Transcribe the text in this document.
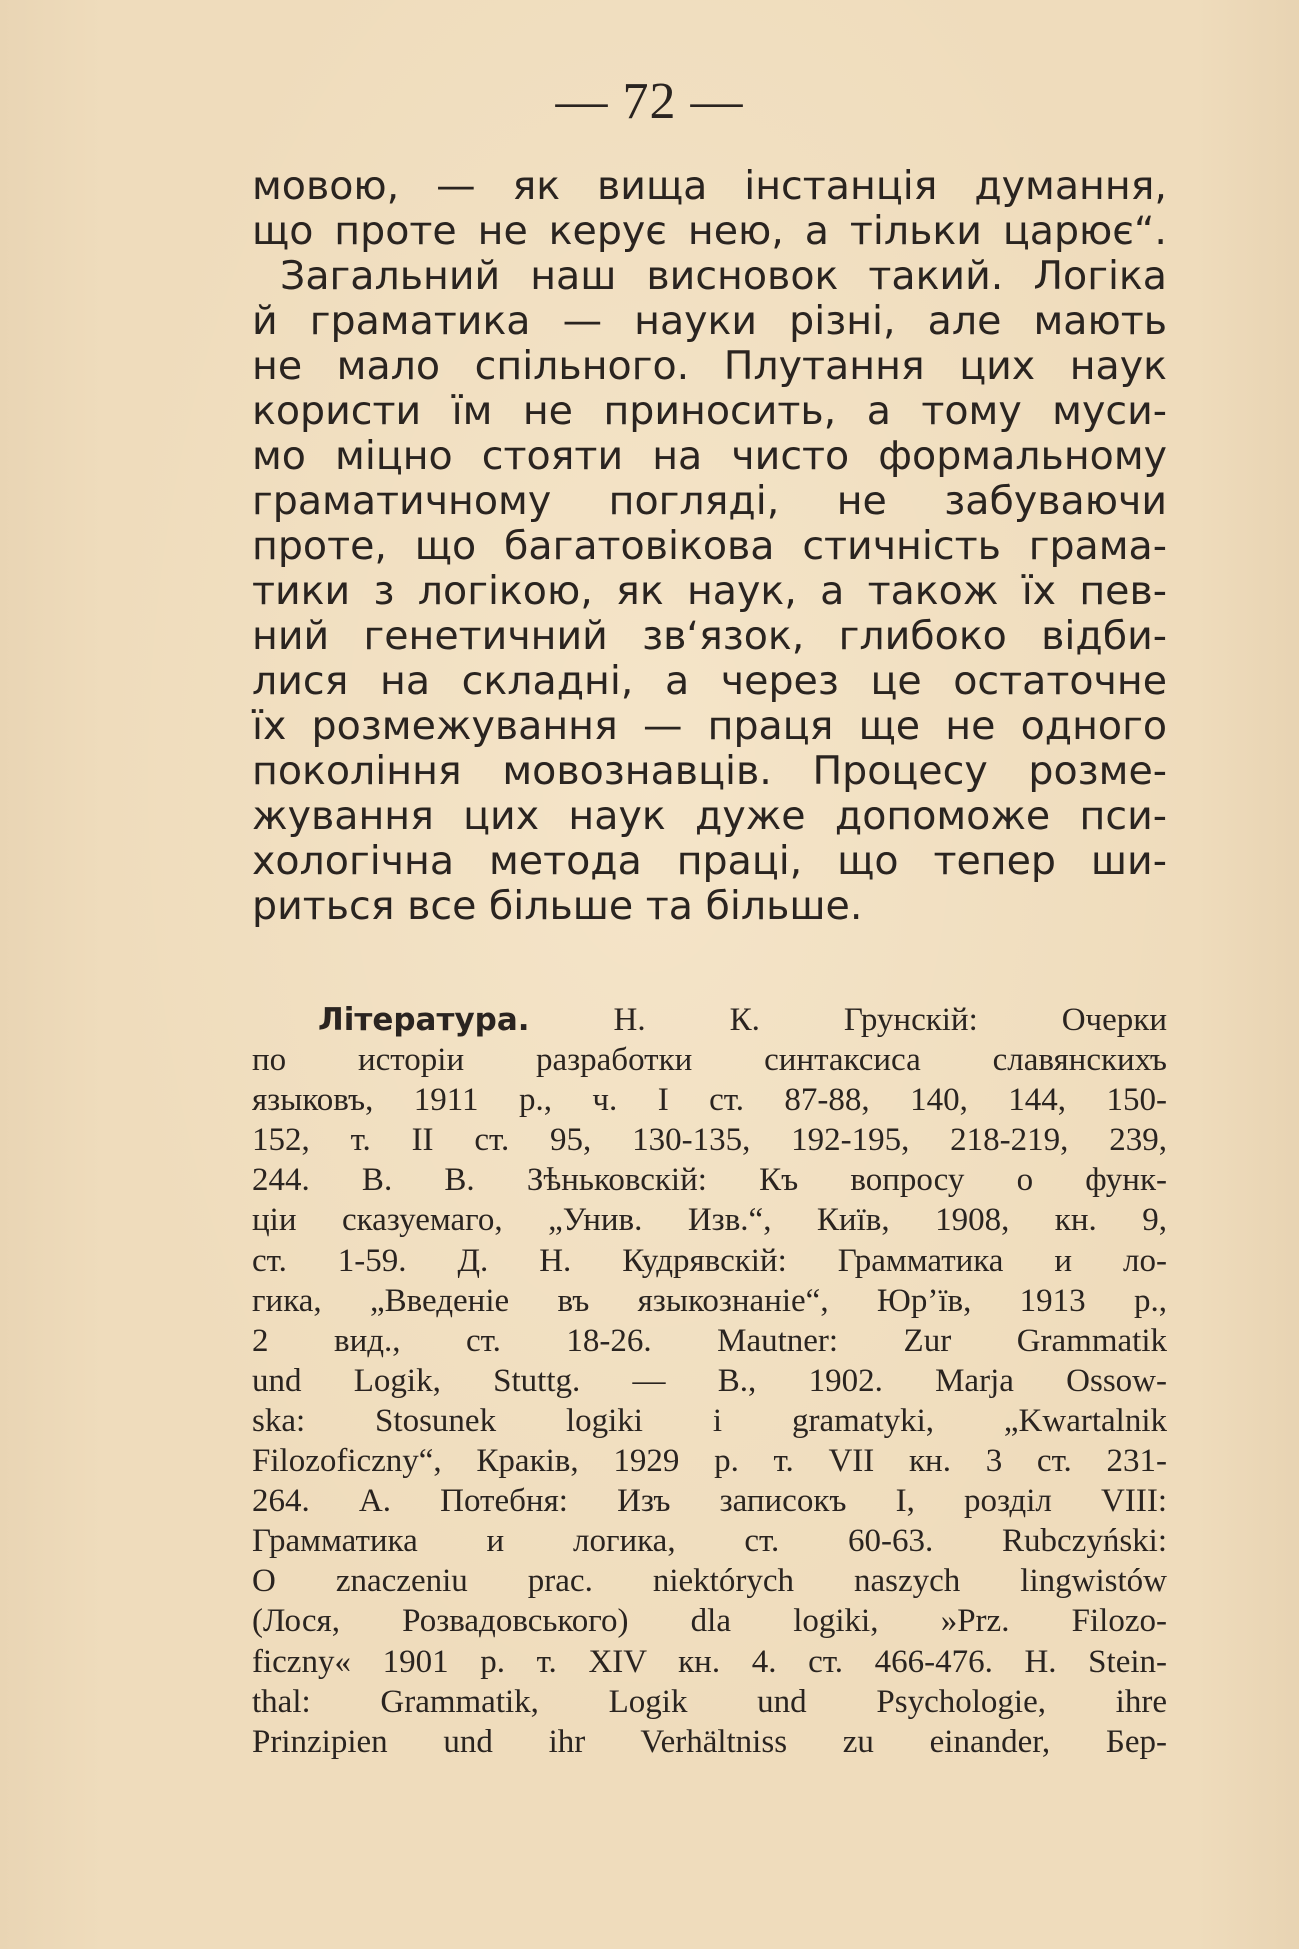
— 72 —
мовою, — як вища інстанція думання,
що проте не керує нею, а тільки царює“.
Загальний наш висновок такий. Логіка
й граматика — науки різні, але мають
не мало спільного. Плутання цих наук
користи їм не приносить, а тому муси-
мо міцно стояти на чисто формальному
граматичному погляді, не забуваючи
проте, що багатовікова стичність грама-
тики з логікою, як наук, а також їх пев-
ний генетичний зв‘язок, глибоко відби-
лися на складні, а через це остаточне
їх розмежування — праця ще не одного
покоління мовознавців. Процесу розме-
жування цих наук дуже допоможе пси-
хологічна метода праці, що тепер ши-
риться все більше та більше.
Література.	Н. К. Грунскій: Очерки
по исторіи разработки синтаксиса славянскихъ
языковъ, 1911 р., ч. I ст. 87-88, 140, 144, 150-
152, т. II ст. 95, 130-135, 192-195, 218-219, 239,
244. В. В. Зѣньковскій: Къ вопросу о функ-
ціи сказуемаго, „Унив. Изв.“, Київ, 1908, кн. 9,
ст. 1-59. Д. Н. Кудрявскій: Грамматика и ло-
гика, „Введеніе въ языкознаніе“, Юр’їв, 1913 р.,
2 вид., ст. 18-26. Mautner: Zur Grammatik
und Logik, Stuttg. — B., 1902. Marja Ossow-
ska: Stosunek logiki i gramatyki, „Kwartalnik
Filozoficzny“, Краків, 1929 р. т. VII кн. 3 ст. 231-
264. А. Потебня: Изъ записокъ I, розділ VIII:
Грамматика и логика, ст. 60-63. Rubczyński:
O znaczeniu prac. niektórych naszych lingwistów
(Лося, Розвадовського) dla logiki, »Prz. Filozo-
ficzny« 1901 р. т. XIV кн. 4. ст. 466-476. H. Stein-
thal: Grammatik, Logik und Psychologie, ihre
Prinzipien und ihr Verhältniss zu einander, Бер-
